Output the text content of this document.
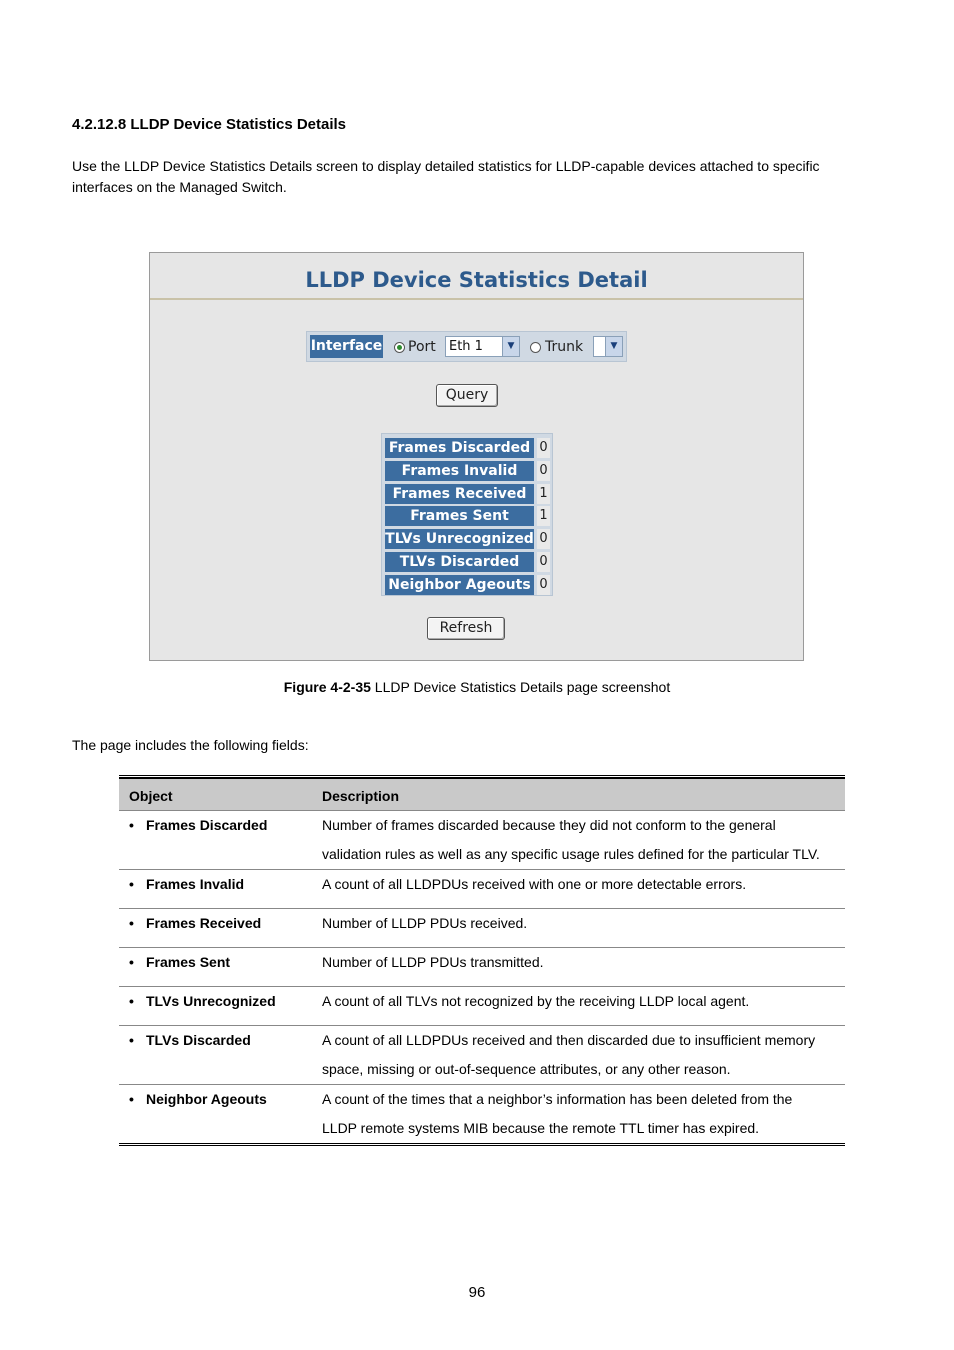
4.2.12.8 LLDP Device Statistics Details
Use the LLDP Device Statistics Details screen to display detailed statistics for LLDP-capable devices attached to specific interfaces on the Managed Switch.
LLDP Device Statistics Detail
Interface Port	Eth 1	▼	Trunk	▼
Query
Frames Discarded 0
Frames Invalid	0
Frames Received 1
Frames Sent	1
TLVs Unrecognized 0
TLVs Discarded	0
Neighbor Ageouts 0
Refresh
Figure 4-2-35 LLDP Device Statistics Details page screenshot
The page includes the following fields:
Object	Description
• Frames Discarded	Number of frames discarded because they did not conform to the general
validation rules as well as any specific usage rules defined for the particular TLV.
• Frames Invalid	A count of all LLDPDUs received with one or more detectable errors.
• Frames Received	Number of LLDP PDUs received.
• Frames Sent	Number of LLDP PDUs transmitted.
• TLVs Unrecognized	A count of all TLVs not recognized by the receiving LLDP local agent.
• TLVs Discarded	A count of all LLDPDUs received and then discarded due to insufficient memory
space, missing or out-of-sequence attributes, or any other reason.
• Neighbor Ageouts	A count of the times that a neighbor’s information has been deleted from the
LLDP remote systems MIB because the remote TTL timer has expired.
96
